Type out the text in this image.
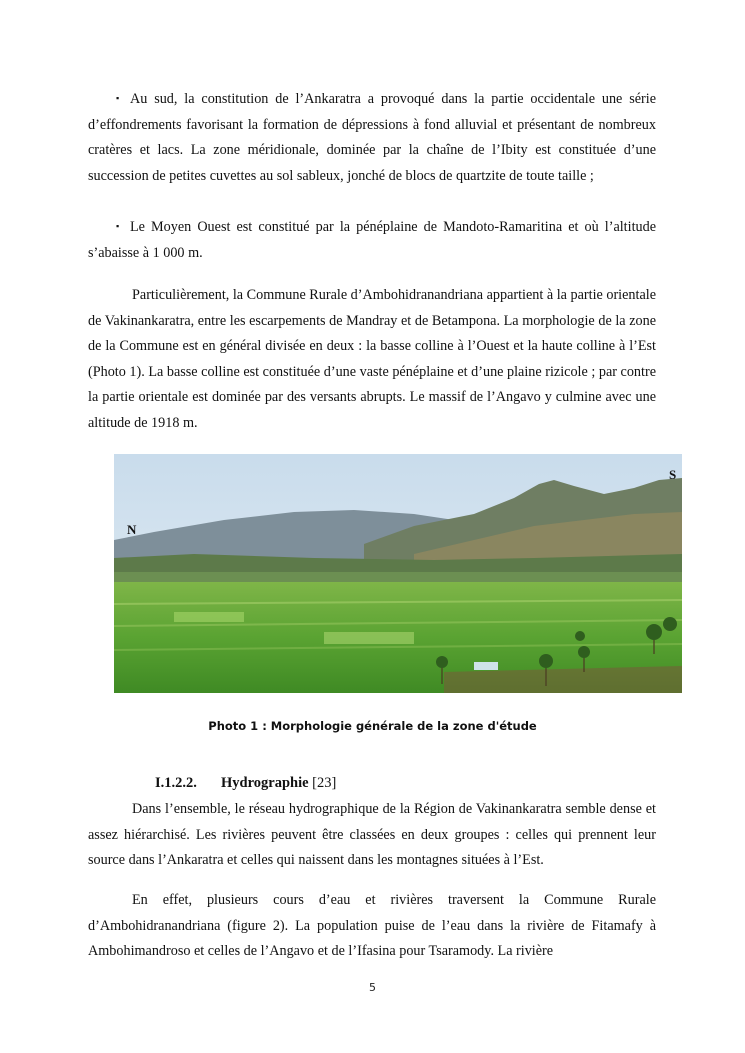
▪ Au sud, la constitution de l’Ankaratra a provoqué dans la partie occidentale une série d’effondrements favorisant la formation de dépressions à fond alluvial et présentant de nombreux cratères et lacs. La zone méridionale, dominée par la chaîne de l’Ibity est constituée d’une succession de petites cuvettes au sol sableux, jonché de blocs de quartzite de toute taille ;
▪ Le Moyen Ouest est constitué par la pénéplaine de Mandoto-Ramaritina et où l’altitude s’abaisse à 1 000 m.
Particulièrement, la Commune Rurale d’Ambohidranandriana appartient à la partie orientale de Vakinankaratra, entre les escarpements de Mandray et de Betampona. La morphologie de la zone de la Commune est en général divisée en deux : la basse colline à l’Ouest et la haute colline à l’Est (Photo 1). La basse colline est constituée d’une vaste pénéplaine et d’une plaine rizicole ; par contre la partie orientale est dominée par des versants abrupts. Le massif de l’Angavo y culmine avec une altitude de 1918 m.
N
S
Photo 1 : Morphologie générale de la zone d'étude
I.1.2.2. Hydrographie [23]
Dans l’ensemble, le réseau hydrographique de la Région de Vakinankaratra semble dense et assez hiérarchisé. Les rivières peuvent être classées en deux groupes : celles qui prennent leur source dans l’Ankaratra et celles qui naissent dans les montagnes situées à l’Est.
En effet, plusieurs cours d’eau et rivières traversent la Commune Rurale d’Ambohidranandriana (figure 2). La population puise de l’eau dans la rivière de Fitamafy à Ambohimandroso et celles de l’Angavo et de l’Ifasina pour Tsaramody. La rivière
5
